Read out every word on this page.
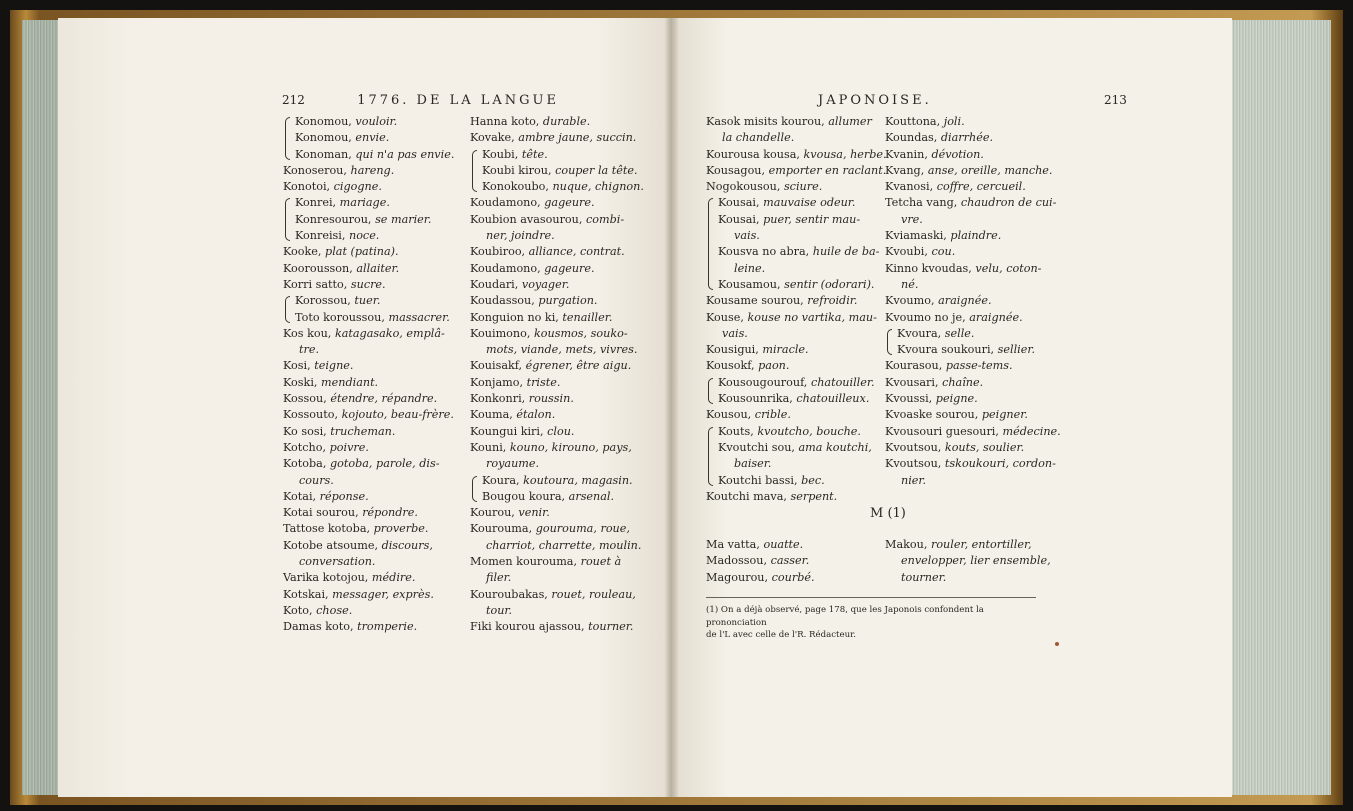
212	1776. DE LA LANGUE	JAPONOISE.	213
Konomou, vouloir.
Konomou, envie.
Konoman, qui n'a pas envie.
Konoserou, hareng.
Konotoi, cigogne.
Konrei, mariage.
Konresourou, se marier.
Konreisi, noce.
Kooke, plat (patina).
Koorousson, allaiter.
Korri satto, sucre.
Korossou, tuer.
Toto koroussou, massacrer.
Kos kou, katagasako, emplâ-
tre.
Kosi, teigne.
Koski, mendiant.
Kossou, étendre, répandre.
Kossouto, kojouto, beau-frère.
Ko sosi, trucheman.
Kotcho, poivre.
Kotoba, gotoba, parole, dis-
cours.
Kotai, réponse.
Kotai sourou, répondre.
Tattose kotoba, proverbe.
Kotobe atsoume, discours,
conversation.
Varika kotojou, médire.
Kotskai, messager, exprès.
Koto, chose.
Damas koto, tromperie.
Hanna koto, durable.
Kovake, ambre jaune, succin.
Koubi, tête.
Koubi kirou, couper la tête.
Konokoubo, nuque, chignon.
Koudamono, gageure.
Koubion avasourou, combi-
ner, joindre.
Koubiroo, alliance, contrat.
Koudamono, gageure.
Koudari, voyager.
Koudassou, purgation.
Konguion no ki, tenailler.
Kouimono, kousmos, souko-
mots, viande, mets, vivres.
Kouisakf, égrener, être aigu.
Konjamo, triste.
Konkonri, roussin.
Kouma, étalon.
Koungui kiri, clou.
Kouni, kouno, kirouno, pays,
royaume.
Koura, koutoura, magasin.
Bougou koura, arsenal.
Kourou, venir.
Kourouma, gourouma, roue,
charriot, charrette, moulin.
Momen kourouma, rouet à
filer.
Kouroubakas, rouet, rouleau,
tour.
Fiki kourou ajassou, tourner.
Kasok misits kourou, allumer
la chandelle.
Kourousa kousa, kvousa, herbe.
Kousagou, emporter en raclant.
Nogokousou, sciure.
Kousai, mauvaise odeur.
Kousai, puer, sentir mau-
vais.
Kousva no abra, huile de ba-
leine.
Kousamou, sentir (odorari).
Kousame sourou, refroidir.
Kouse, kouse no vartika, mau-
vais.
Kousigui, miracle.
Kousokf, paon.
Kousougourouf, chatouiller.
Kousounrika, chatouilleux.
Kousou, crible.
Kouts, kvoutcho, bouche.
Kvoutchi sou, ama koutchi,
baiser.
Koutchi bassi, bec.
Koutchi mava, serpent.
Kouttona, joli.
Koundas, diarrhée.
Kvanin, dévotion.
Kvang, anse, oreille, manche.
Kvanosi, coffre, cercueil.
Tetcha vang, chaudron de cui-
vre.
Kviamaski, plaindre.
Kvoubi, cou.
Kinno kvoudas, velu, coton-
né.
Kvoumo, araignée.
Kvoumo no je, araignée.
Kvoura, selle.
Kvoura soukouri, sellier.
Kourasou, passe-tems.
Kvousari, chaîne.
Kvoussi, peigne.
Kvoaske sourou, peigner.
Kvousouri guesouri, médecine.
Kvoutsou, kouts, soulier.
Kvoutsou, tskoukouri, cordon-
nier.
M (1)
Ma vatta, ouatte.
Madossou, casser.
Magourou, courbé.
Makou, rouler, entortiller,
envelopper, lier ensemble,
tourner.
(1) On a déjà observé, page 178, que les Japonois confondent la prononciation
de l'L avec celle de l'R. Rédacteur.
